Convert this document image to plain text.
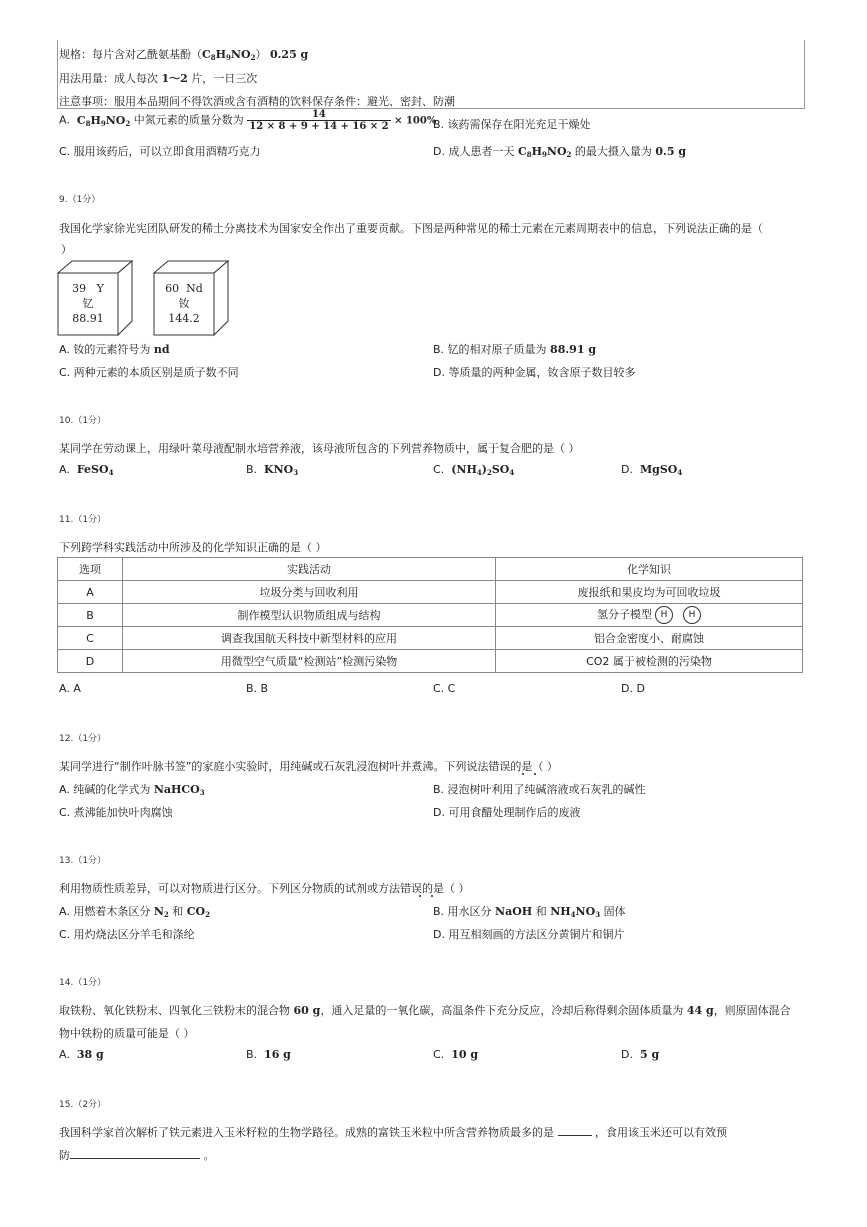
规格：每片含对乙酰氨基酚$(C_8H_9NO_2)$ 0.25 g
用法用量：成人每次 1～2 片，一日三次
注意事项：服用本品期间不得饮酒或含有酒精的饮料保存条件：避光、密封、防潮
A. $C_8H_9NO_2$ 中氮元素的质量分数为 $\frac{14}{12 \times 8 + 9 + 14 + 16 \times 2} \times 100\%$
B. 该药需保存在阳光充足干燥处
C. 服用该药后，可以立即食用酒精巧克力	D. 成人患者一天 $C_8H_9NO_2$ 的最大摄入量为 0.5 g
9.（1分）
我国化学家徐光宪团队研发的稀土分离技术为国家安全作出了重要贡献。下图是两种常见的稀土元素在元素周期表中的信息，下列说法正确的是（
）
39 Y
钇
88.91
60 Nd
钕
144.2
A. 钕的元素符号为 nd	B. 钇的相对原子质量为 88.91 g
C. 两种元素的本质区别是质子数不同	D. 等质量的两种金属，钕含原子数目较多
10.（1分）
某同学在劳动课上，用绿叶菜母液配制水培营养液，该母液所包含的下列营养物质中，属于复合肥的是（ ）
A. FeSO$_4$	B. $KNO_3$	C. $(NH_4)_2SO_4$	D. MgSO$_4$
11.（1分）
下列跨学科实践活动中所涉及的化学知识正确的是（ ）
选项	实践活动	化学知识
A	垃圾分类与回收利用	废报纸和果皮均为可回收垃圾
B	制作模型认识物质组成与结构	氢分子模型 H H
C	调查我国航天科技中新型材料的应用	铝合金密度小、耐腐蚀
D	用微型空气质量“检测站”检测污染物	CO2 属于被检测的污染物
A. A	B. B	C. C	D. D
12.（1分）
某同学进行“制作叶脉书签”的家庭小实验时，用纯碱或石灰乳浸泡树叶并煮沸。下列说法错误的是（ ）
A. 纯碱的化学式为 NaHCO$_3$	B. 浸泡树叶利用了纯碱溶液或石灰乳的碱性
C. 煮沸能加快叶肉腐蚀	D. 可用食醋处理制作后的废液
13.（1分）
利用物质性质差异，可以对物质进行区分。下列区分物质的试剂或方法错误的是（ ）
A. 用燃着木条区分 $N_2$ 和 $CO_2$	B. 用水区分 NaOH 和 $NH_4NO_3$ 固体
C. 用灼烧法区分羊毛和涤纶	D. 用互相刻画的方法区分黄铜片和铜片
14.（1分）
取铁粉、氧化铁粉末、四氧化三铁粉末的混合物 60 g，通入足量的一氧化碳，高温条件下充分反应，冷却后称得剩余固体质量为 44 g，则原固体混合
物中铁粉的质量可能是（ ）
A. 38 g	B. 16 g	C. 10 g	D. 5 g
15.（2分）
我国科学家首次解析了铁元素进入玉米籽粒的生物学路径。成熟的富铁玉米粒中所含营养物质最多的是	，食用该玉米还可以有效预
防	。
